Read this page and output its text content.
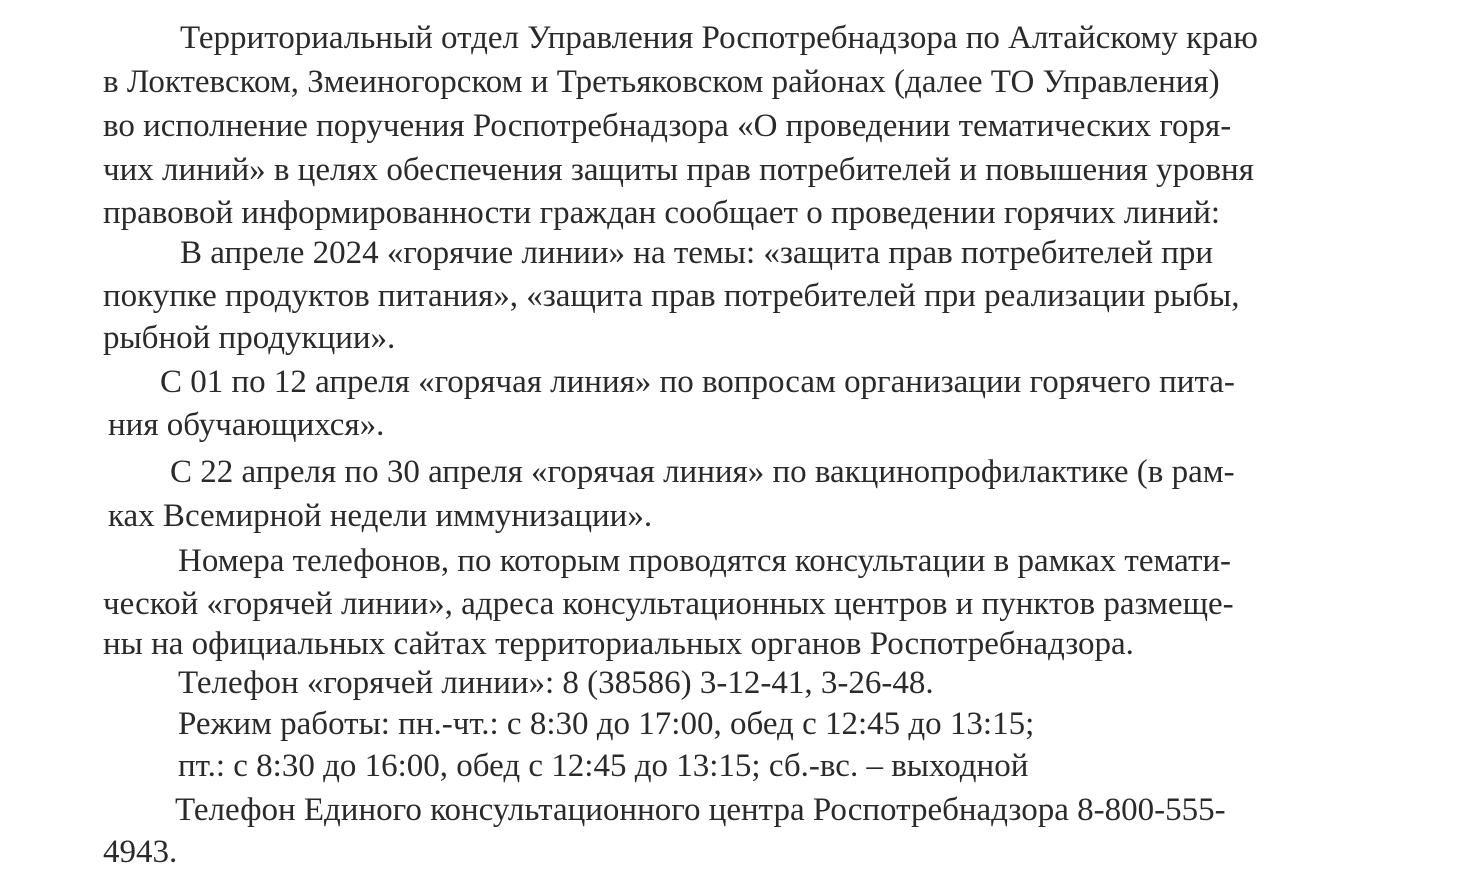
Территориальный отдел Управления Роспотребнадзора по Алтайскому краю
в Локтевском, Змеиногорском и Третьяковском районах (далее ТО Управления)
во исполнение поручения Роспотребнадзора «О проведении тематических горя-
чих линий» в целях обеспечения защиты прав потребителей и повышения уровня
правовой информированности граждан сообщает о проведении горячих линий:
В апреле 2024 «горячие линии» на темы: «защита прав потребителей при
покупке продуктов питания», «защита прав потребителей при реализации рыбы,
рыбной продукции».
С 01 по 12 апреля «горячая линия» по вопросам организации горячего пита-
ния обучающихся».
С 22 апреля по 30 апреля «горячая линия» по вакцинопрофилактике (в рам-
ках Всемирной недели иммунизации».
Номера телефонов, по которым проводятся консультации в рамках темати-
ческой «горячей линии», адреса консультационных центров и пунктов размеще-
ны на официальных сайтах территориальных органов Роспотребнадзора.
Телефон «горячей линии»: 8 (38586) 3-12-41, 3-26-48.
Режим работы: пн.-чт.: с 8:30 до 17:00, обед с 12:45 до 13:15;
пт.: с 8:30 до 16:00, обед с 12:45 до 13:15; сб.-вс. – выходной
Телефон Единого консультационного центра Роспотребнадзора 8-800-555-
4943.
